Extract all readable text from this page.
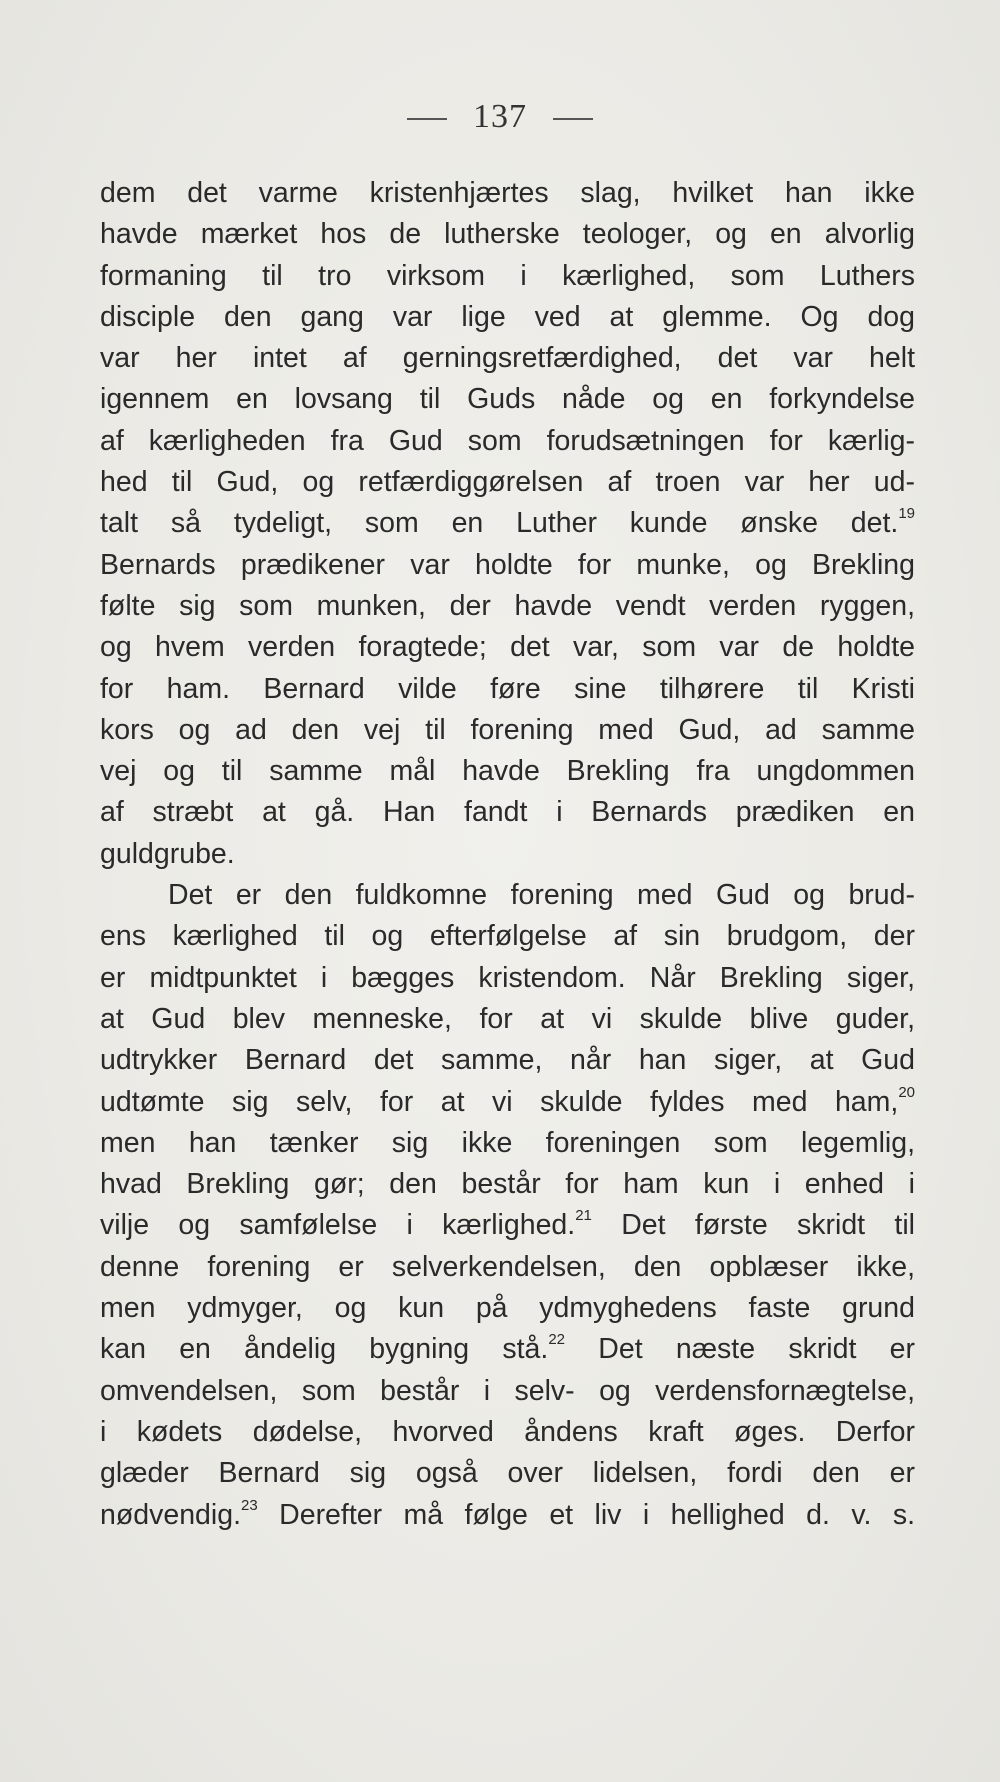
137
dem det varme kristenhjærtes slag, hvilket han ikke
havde mærket hos de lutherske teologer, og en alvorlig
formaning til tro virksom i kærlighed, som Luthers
disciple den gang var lige ved at glemme. Og dog
var her intet af gerningsretfærdighed, det var helt
igennem en lovsang til Guds nåde og en forkyndelse
af kærligheden fra Gud som forudsætningen for kærlig-
hed til Gud, og retfærdiggørelsen af troen var her ud-
talt så tydeligt, som en Luther kunde ønske det.$^{19}$
Bernards prædikener var holdte for munke, og Brekling
følte sig som munken, der havde vendt verden ryggen,
og hvem verden foragtede; det var, som var de holdte
for ham. Bernard vilde føre sine tilhørere til Kristi
kors og ad den vej til forening med Gud, ad samme
vej og til samme mål havde Brekling fra ungdommen
af stræbt at gå. Han fandt i Bernards prædiken en
guldgrube.
Det er den fuldkomne forening med Gud og brud-
ens kærlighed til og efterfølgelse af sin brudgom, der
er midtpunktet i bægges kristendom. Når Brekling siger,
at Gud blev menneske, for at vi skulde blive guder,
udtrykker Bernard det samme, når han siger, at Gud
udtømte sig selv, for at vi skulde fyldes med ham,$^{20}$
men han tænker sig ikke foreningen som legemlig,
hvad Brekling gør; den består for ham kun i enhed i
vilje og samfølelse i kærlighed.$^{21}$ Det første skridt til
denne forening er selverkendelsen, den opblæser ikke,
men ydmyger, og kun på ydmyghedens faste grund
kan en åndelig bygning stå.$^{22}$ Det næste skridt er
omvendelsen, som består i selv- og verdensfornægtelse,
i kødets dødelse, hvorved åndens kraft øges. Derfor
glæder Bernard sig også over lidelsen, fordi den er
nødvendig.$^{23}$ Derefter må følge et liv i hellighed d. v. s.
